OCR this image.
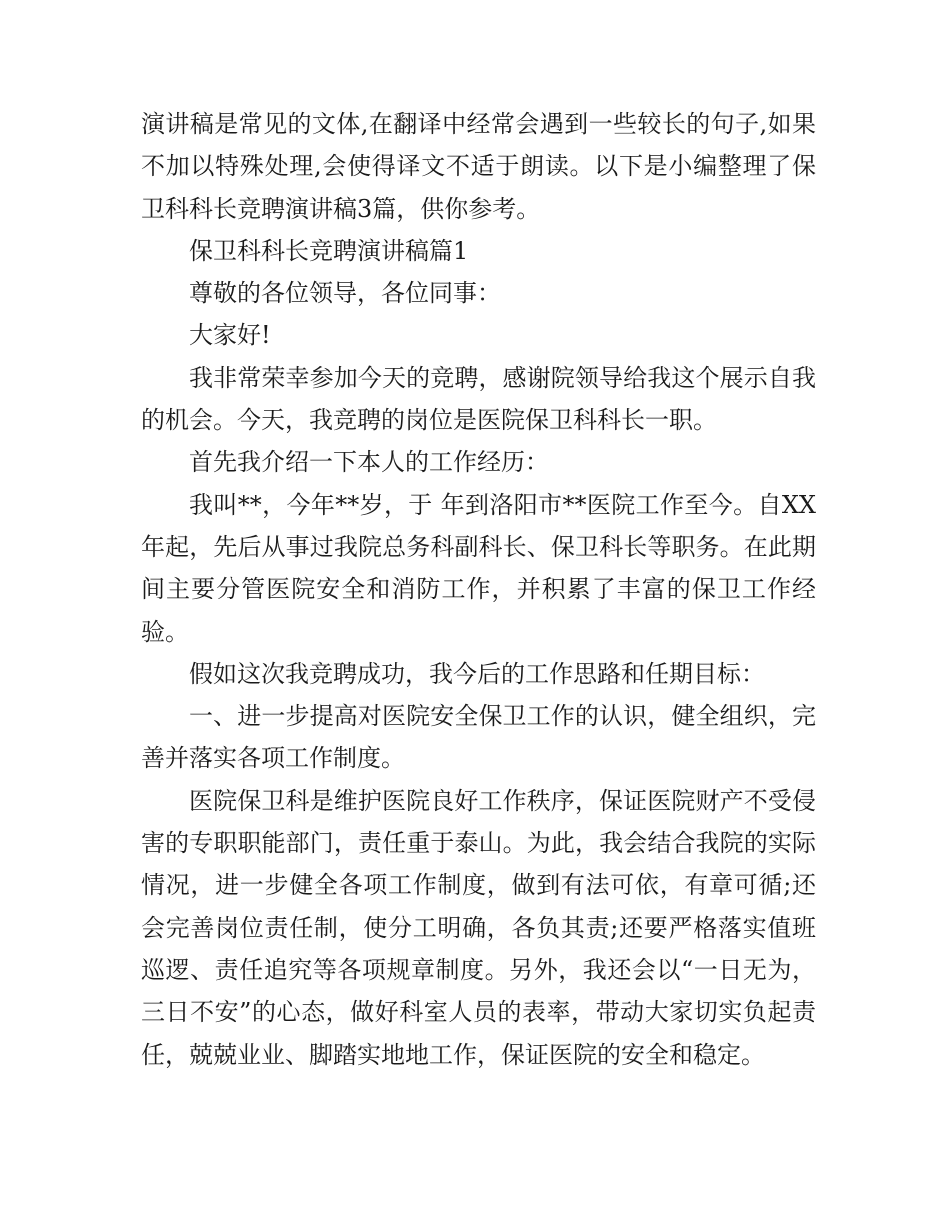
演讲稿是常见的文体,在翻译中经常会遇到一些较长的句子,如果不加以特殊处理,会使得译文不适于朗读。以下是小编整理了保卫科科长竞聘演讲稿3篇，供你参考。

保卫科科长竞聘演讲稿篇1

尊敬的各位领导，各位同事：

大家好!

我非常荣幸参加今天的竞聘，感谢院领导给我这个展示自我的机会。今天，我竞聘的岗位是医院保卫科科长一职。

首先我介绍一下本人的工作经历：

我叫**，今年**岁，于 年到洛阳市**医院工作至今。自XX年起，先后从事过我院总务科副科长、保卫科长等职务。在此期间主要分管医院安全和消防工作，并积累了丰富的保卫工作经验。

假如这次我竞聘成功，我今后的工作思路和任期目标：

一、进一步提高对医院安全保卫工作的认识，健全组织，完善并落实各项工作制度。

医院保卫科是维护医院良好工作秩序，保证医院财产不受侵害的专职职能部门，责任重于泰山。为此，我会结合我院的实际情况，进一步健全各项工作制度，做到有法可依，有章可循;还会完善岗位责任制，使分工明确，各负其责;还要严格落实值班巡逻、责任追究等各项规章制度。另外，我还会以“一日无为，三日不安”的心态，做好科室人员的表率，带动大家切实负起责任，兢兢业业、脚踏实地地工作，保证医院的安全和稳定。
